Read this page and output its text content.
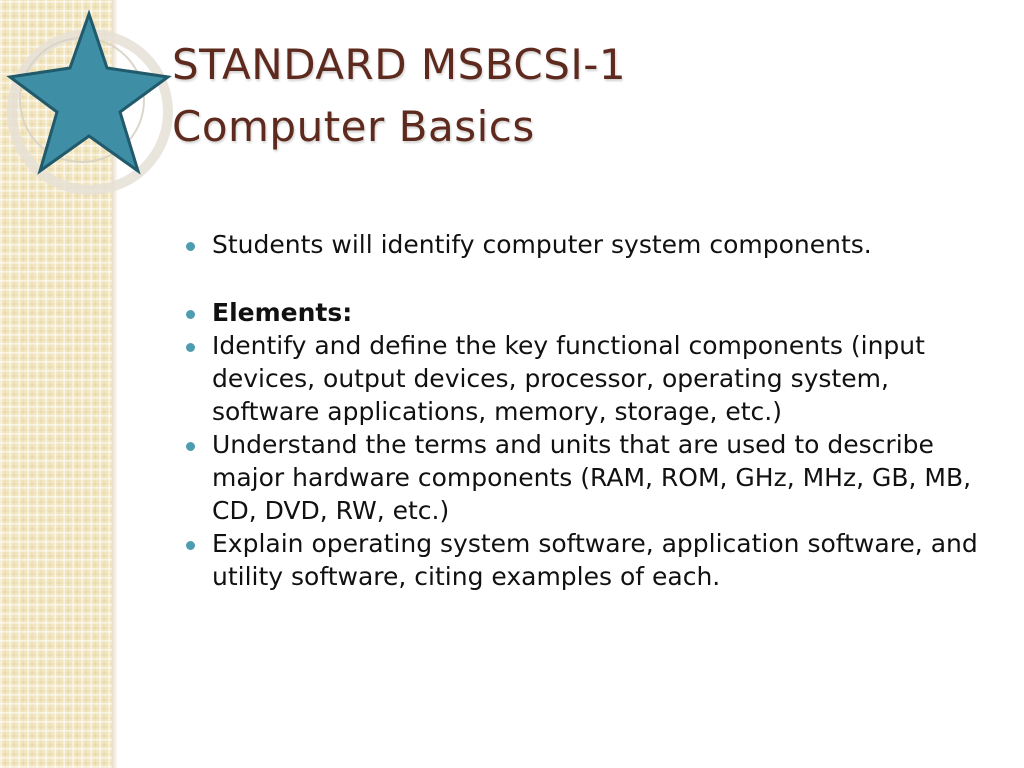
STANDARD MSBCSI-1
Computer Basics
Students will identify computer system components.
Elements:
Identify and define the key functional components (input devices, output devices, processor, operating system, software applications, memory, storage, etc.)
Understand the terms and units that are used to describe major hardware components (RAM, ROM, GHz, MHz, GB, MB, CD, DVD, RW, etc.)
Explain operating system software, application software, and utility software, citing examples of each.
